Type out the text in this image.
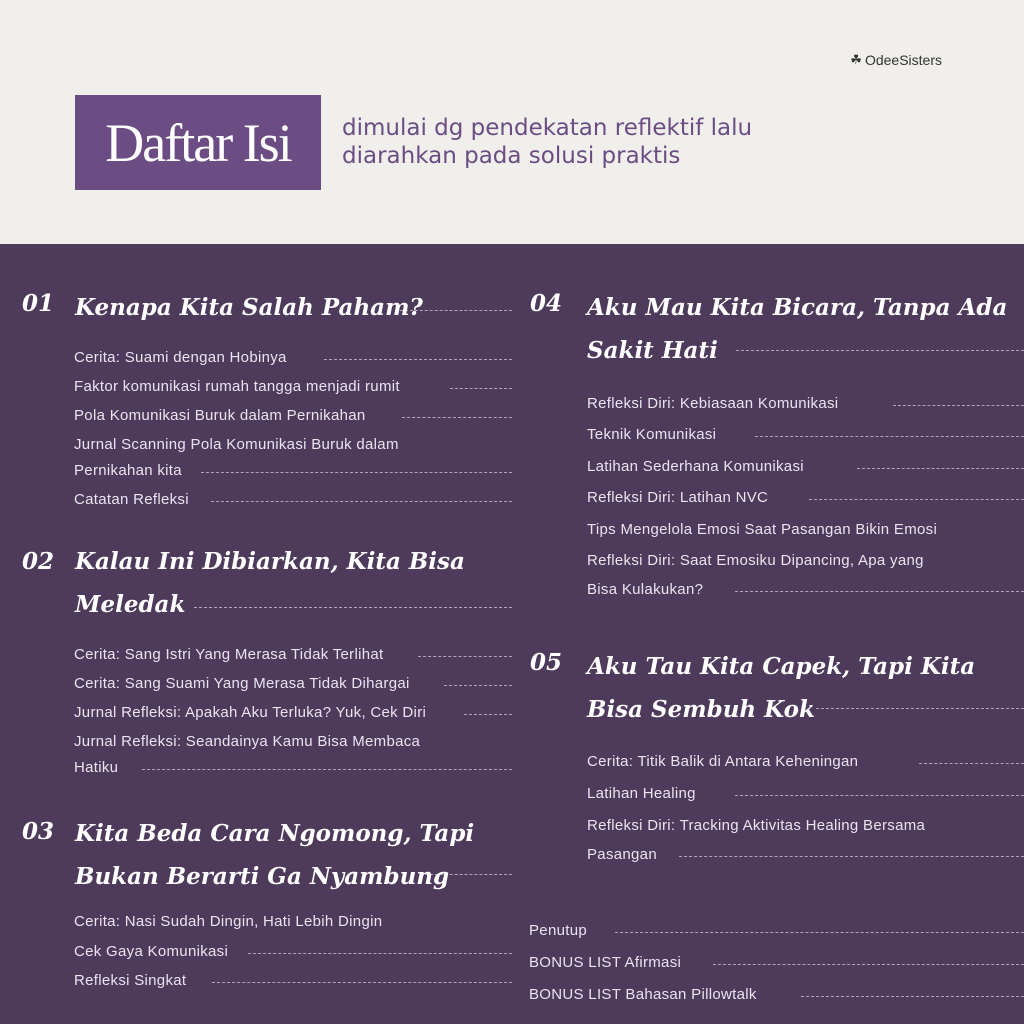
☘ OdeeSisters
Daftar Isi dimulai dg pendekatan reflektif lalu
diarahkan pada solusi praktis
01 Kenapa Kita Salah Paham?
Cerita: Suami dengan Hobinya
Faktor komunikasi rumah tangga menjadi rumit
Pola Komunikasi Buruk dalam Pernikahan
Jurnal Scanning Pola Komunikasi Buruk dalam
Pernikahan kita
Catatan Refleksi
02 Kalau Ini Dibiarkan, Kita Bisa
Meledak
Cerita: Sang Istri Yang Merasa Tidak Terlihat
Cerita: Sang Suami Yang Merasa Tidak Dihargai
Jurnal Refleksi: Apakah Aku Terluka? Yuk, Cek Diri
Jurnal Refleksi: Seandainya Kamu Bisa Membaca
Hatiku
03 Kita Beda Cara Ngomong, Tapi
Bukan Berarti Ga Nyambung
Cerita: Nasi Sudah Dingin, Hati Lebih Dingin
Cek Gaya Komunikasi
Refleksi Singkat
04 Aku Mau Kita Bicara, Tanpa Ada
Sakit Hati
Refleksi Diri: Kebiasaan Komunikasi
Teknik Komunikasi
Latihan Sederhana Komunikasi
Refleksi Diri: Latihan NVC
Tips Mengelola Emosi Saat Pasangan Bikin Emosi
Refleksi Diri: Saat Emosiku Dipancing, Apa yang
Bisa Kulakukan?
05 Aku Tau Kita Capek, Tapi Kita
Bisa Sembuh Kok
Cerita: Titik Balik di Antara Keheningan
Latihan Healing
Refleksi Diri: Tracking Aktivitas Healing Bersama
Pasangan
Penutup
BONUS LIST Afirmasi
BONUS LIST Bahasan Pillowtalk
